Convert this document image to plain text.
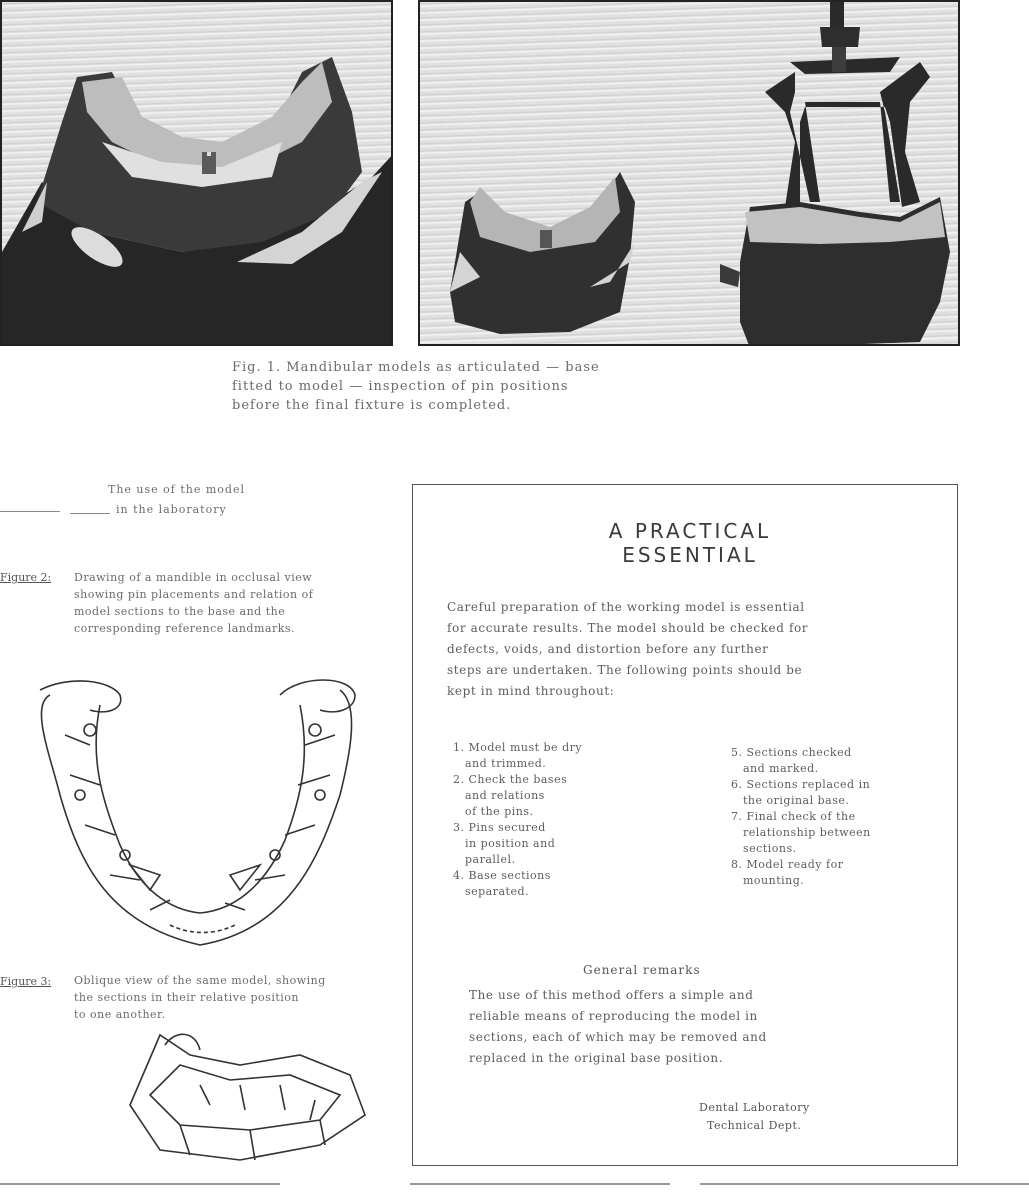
Fig. 1. Mandibular models as articulated — base
fitted to model — inspection of pin positions
before the final fixture is completed.
The use of the model
in the laboratory
Figure 2: Drawing of a mandible in occlusal view
showing pin placements and relation of
model sections to the base and the
corresponding reference landmarks.
Figure 3: Oblique view of the same model, showing
the sections in their relative position
to one another.
A PRACTICAL ESSENTIAL
Careful preparation of the working model is essential
for accurate results. The model should be checked for
defects, voids, and distortion before any further
steps are undertaken. The following points should be
kept in mind throughout:
1. Model must be dry
and trimmed.
2. Check the bases
and relations
of the pins.
3. Pins secured
in position and
parallel.
4. Base sections
separated.
5. Sections checked
and marked.
6. Sections replaced in
the original base.
7. Final check of the
relationship between
sections.
8. Model ready for
mounting.
General remarks
The use of this method offers a simple and
reliable means of reproducing the model in
sections, each of which may be removed and
replaced in the original base position.
Dental Laboratory
Technical Dept.
